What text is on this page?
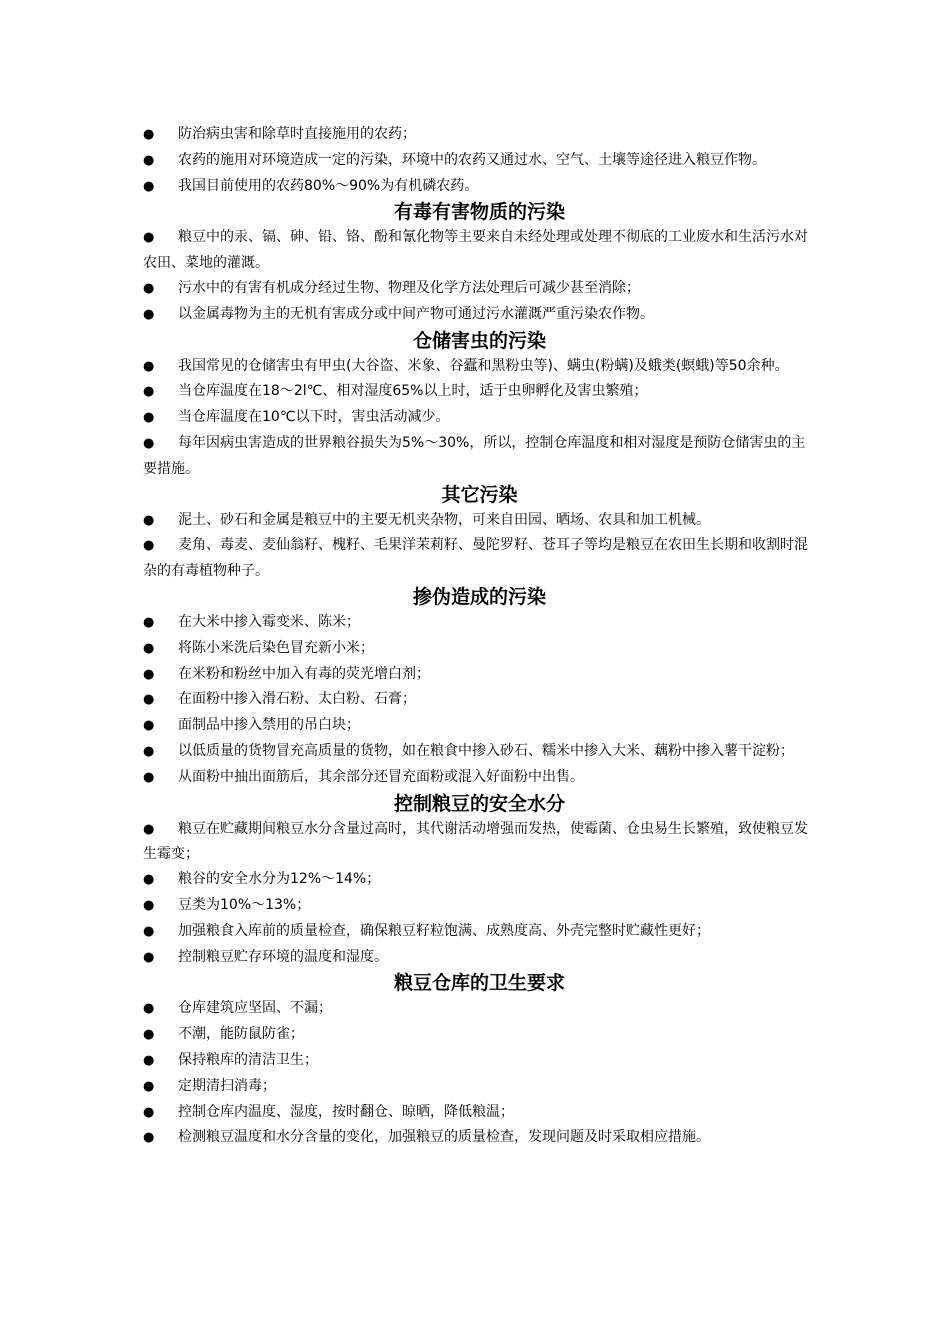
● 防治病虫害和除草时直接施用的农药；
● 农药的施用对环境造成一定的污染，环境中的农药又通过水、空气、土壤等途径进入粮豆作物。
● 我国目前使用的农药80%～90%为有机磷农药。
有毒有害物质的污染
● 粮豆中的汞、镉、砷、铅、铬、酚和氰化物等主要来自未经处理或处理不彻底的工业废水和生活污水对农田、菜地的灌溉。
● 污水中的有害有机成分经过生物、物理及化学方法处理后可减少甚至消除；
● 以金属毒物为主的无机有害成分或中间产物可通过污水灌溉严重污染农作物。
仓储害虫的污染
● 我国常见的仓储害虫有甲虫(大谷盗、米象、谷蠹和黑粉虫等)、螨虫(粉螨)及蛾类(螟蛾)等50余种。
● 当仓库温度在18～2l℃、相对湿度65%以上时，适于虫卵孵化及害虫繁殖；
● 当仓库温度在10℃以下时，害虫活动减少。
● 每年因病虫害造成的世界粮谷损失为5%～30%，所以，控制仓库温度和相对湿度是预防仓储害虫的主要措施。
其它污染
● 泥土、砂石和金属是粮豆中的主要无机夹杂物，可来自田园、晒场、农具和加工机械。
● 麦角、毒麦、麦仙翁籽、槐籽、毛果洋茉莉籽、曼陀罗籽、苍耳子等均是粮豆在农田生长期和收割时混杂的有毒植物种子。
掺伪造成的污染
● 在大米中掺入霉变米、陈米；
● 将陈小米洗后染色冒充新小米；
● 在米粉和粉丝中加入有毒的荧光增白剂；
● 在面粉中掺入滑石粉、太白粉、石膏；
● 面制品中掺入禁用的吊白块；
● 以低质量的货物冒充高质量的货物，如在粮食中掺入砂石、糯米中掺入大米、藕粉中掺入薯干淀粉；
● 从面粉中抽出面筋后，其余部分还冒充面粉或混入好面粉中出售。
控制粮豆的安全水分
● 粮豆在贮藏期间粮豆水分含量过高时，其代谢活动增强而发热，使霉菌、仓虫易生长繁殖，致使粮豆发生霉变；
● 粮谷的安全水分为12%～14%；
● 豆类为10%～13%；
● 加强粮食入库前的质量检查，确保粮豆籽粒饱满、成熟度高、外壳完整时贮藏性更好；
● 控制粮豆贮存环境的温度和湿度。
粮豆仓库的卫生要求
● 仓库建筑应坚固、不漏；
● 不潮，能防鼠防雀；
● 保持粮库的清洁卫生；
● 定期清扫消毒；
● 控制仓库内温度、湿度，按时翻仓、晾晒，降低粮温；
● 检测粮豆温度和水分含量的变化，加强粮豆的质量检查，发现问题及时采取相应措施。
